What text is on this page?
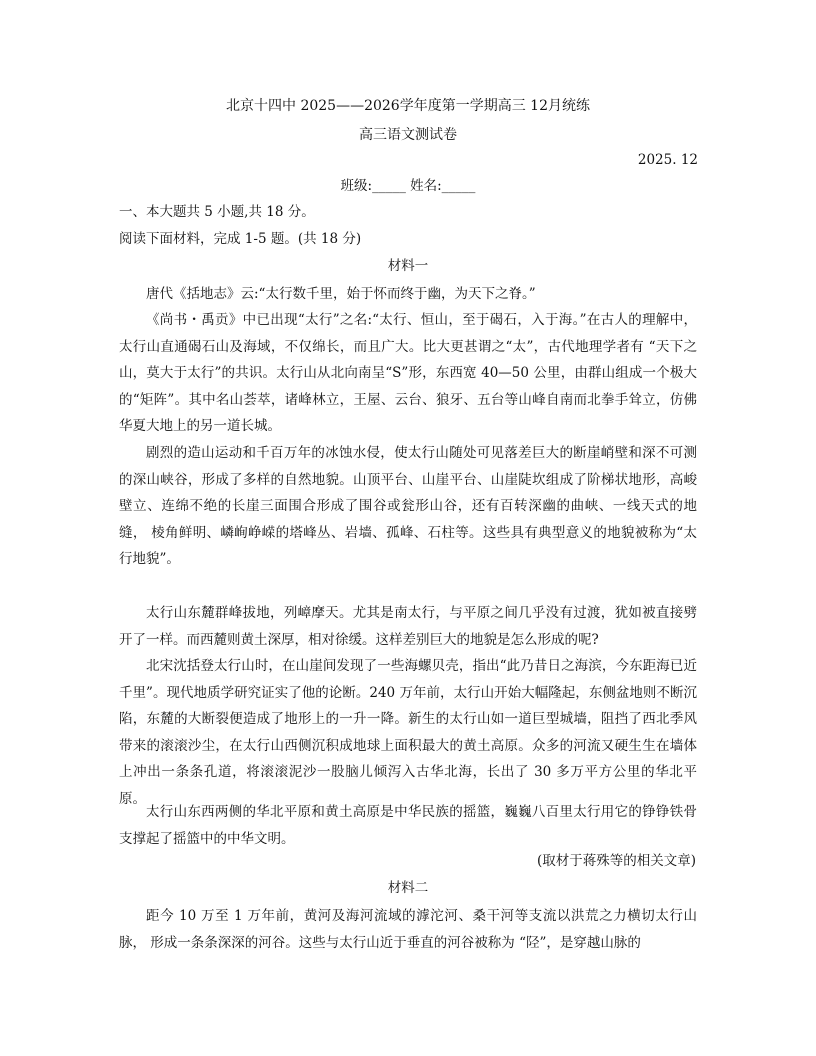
北京十四中 2025——2026学年度第一学期高三 12月统练
高三语文测试卷
2025. 12
班级:_____ 姓名:_____
一、本大题共 5 小题,共 18 分。
阅读下面材料，完成 1-5 题。(共 18 分)
材料一
唐代《括地志》云:“太行数千里，始于怀而终于幽，为天下之脊。”
《尚书・禹贡》中已出现“太行”之名:“太行、恒山，至于碣石，入于海。”在古人的理解中，太行山直通碣石山及海域，不仅绵长，而且广大。比大更甚谓之“太”，古代地理学者有 “天下之山，莫大于太行”的共识。太行山从北向南呈“S”形，东西宽 40—50 公里，由群山组成一个极大的“矩阵”。其中名山荟萃，诸峰林立，王屋、云台、狼牙、五台等山峰自南而北拳手耸立，仿佛华夏大地上的另一道长城。
剧烈的造山运动和千百万年的冰蚀水侵，使太行山随处可见落差巨大的断崖峭壁和深不可测的深山峡谷，形成了多样的自然地貌。山顶平台、山崖平台、山崖陡坎组成了阶梯状地形，高峻壁立、连绵不绝的长崖三面围合形成了围谷或瓮形山谷，还有百转深幽的曲峡、一线天式的地缝， 棱角鲜明、嶙峋峥嵘的塔峰丛、岩墙、孤峰、石柱等。这些具有典型意义的地貌被称为“太行地貌”。
太行山东麓群峰拔地，列嶂摩天。尤其是南太行，与平原之间几乎没有过渡，犹如被直接劈开了一样。而西麓则黄土深厚，相对徐缓。这样差别巨大的地貌是怎么形成的呢?
北宋沈括登太行山时，在山崖间发现了一些海螺贝壳，指出“此乃昔日之海滨，今东距海已近千里”。现代地质学研究证实了他的论断。240 万年前，太行山开始大幅隆起，东侧盆地则不断沉陷，东麓的大断裂便造成了地形上的一升一降。新生的太行山如一道巨型城墙，阻挡了西北季风带来的滚滚沙尘，在太行山西侧沉积成地球上面积最大的黄土高原。众多的河流又硬生生在墙体上冲出一条条孔道，将滚滚泥沙一股脑儿倾泻入古华北海，长出了 30 多万平方公里的华北平原。
太行山东西两侧的华北平原和黄土高原是中华民族的摇篮，巍巍八百里太行用它的铮铮铁骨支撑起了摇篮中的中华文明。
(取材于蒋殊等的相关文章)
材料二
距今 10 万至 1 万年前，黄河及海河流域的滹沱河、桑干河等支流以洪荒之力横切太行山脉， 形成一条条深深的河谷。这些与太行山近于垂直的河谷被称为 “陉”，是穿越山脉的
